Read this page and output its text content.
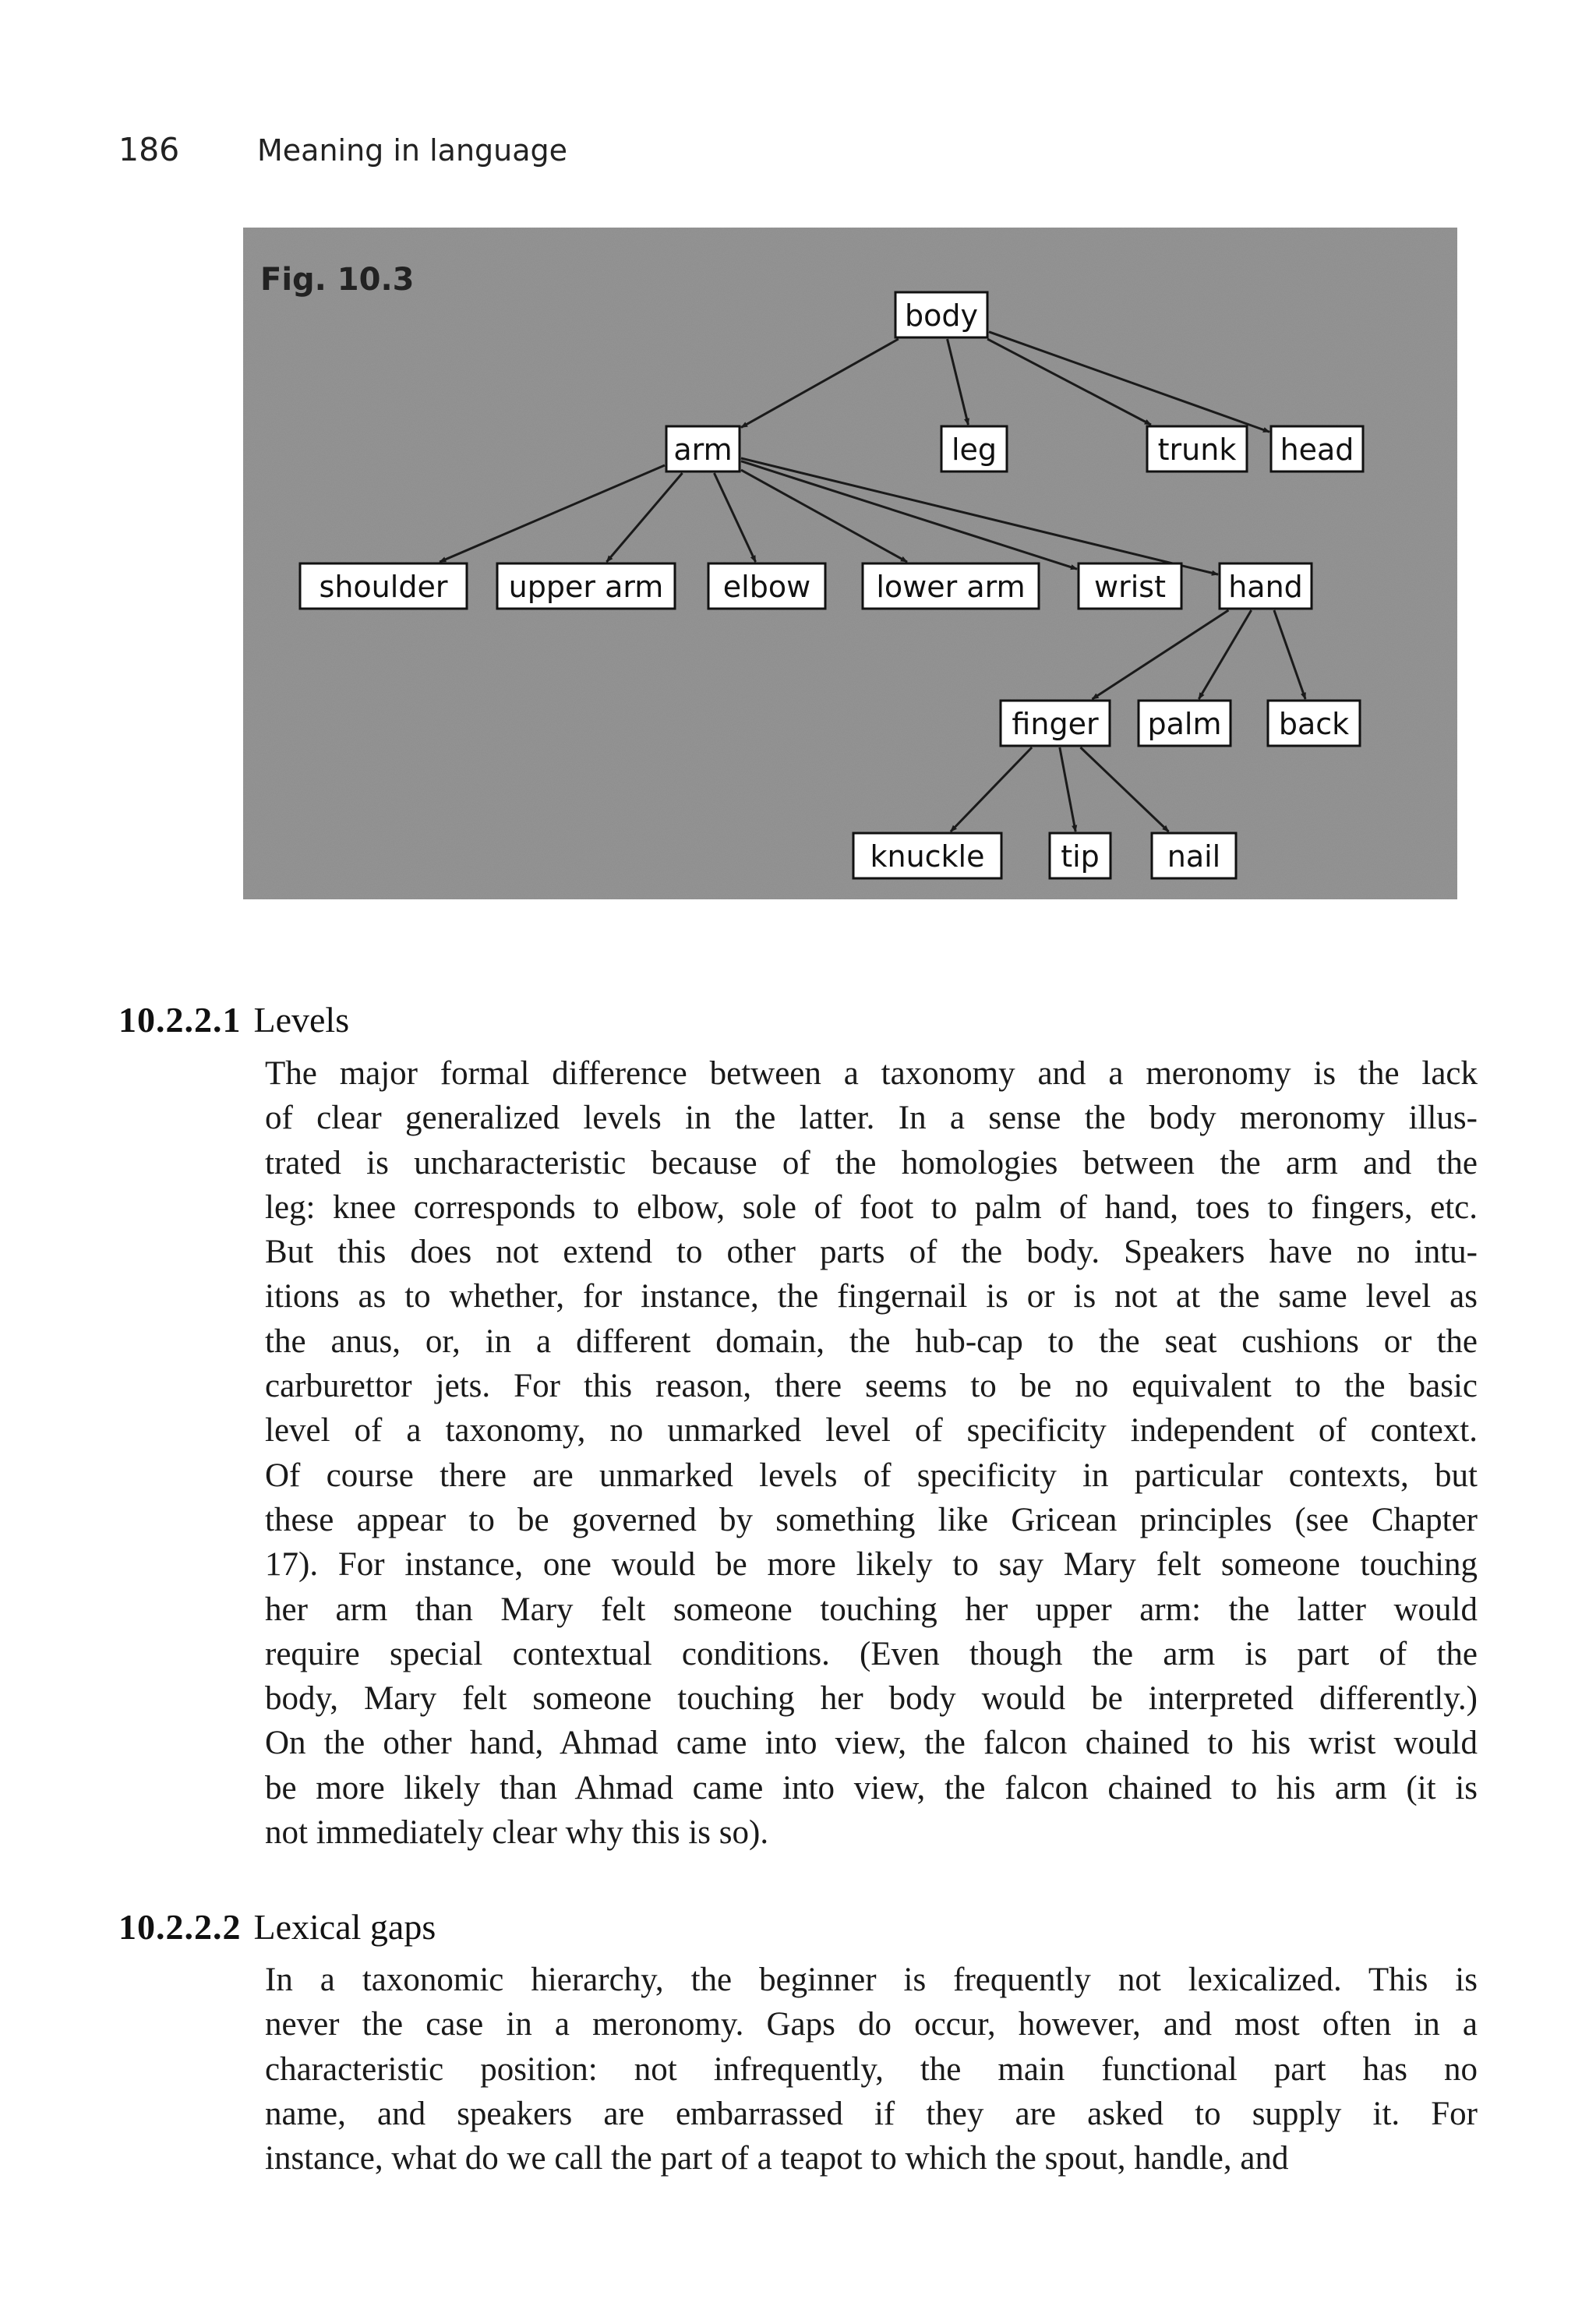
186	Meaning in language
Fig. 10.3
body
arm	leg	trunk head
shoulder upper arm elbow lower arm wrist hand
finger palm back
knuckle	tip nail
10.2.2.1 Levels
The major formal difference between a taxonomy and a meronomy is the lack
of clear generalized levels in the latter. In a sense the body meronomy illus-
trated is uncharacteristic because of the homologies between the arm and the
leg: knee corresponds to elbow, sole of foot to palm of hand, toes to fingers, etc.
But this does not extend to other parts of the body. Speakers have no intu-
itions as to whether, for instance, the fingernail is or is not at the same level as
the anus, or, in a different domain, the hub-cap to the seat cushions or the
carburettor jets. For this reason, there seems to be no equivalent to the basic
level of a taxonomy, no unmarked level of specificity independent of context.
Of course there are unmarked levels of specificity in particular contexts, but
these appear to be governed by something like Gricean principles (see Chapter
17). For instance, one would be more likely to say Mary felt someone touching
her arm than Mary felt someone touching her upper arm: the latter would
require special contextual conditions. (Even though the arm is part of the
body, Mary felt someone touching her body would be interpreted differently.)
On the other hand, Ahmad came into view, the falcon chained to his wrist would
be more likely than Ahmad came into view, the falcon chained to his arm (it is
not immediately clear why this is so).
10.2.2.2 Lexical gaps
In a taxonomic hierarchy, the beginner is frequently not lexicalized. This is
never the case in a meronomy. Gaps do occur, however, and most often in a
characteristic position: not infrequently, the main functional part has no
name, and speakers are embarrassed if they are asked to supply it. For
instance, what do we call the part of a teapot to which the spout, handle, and
